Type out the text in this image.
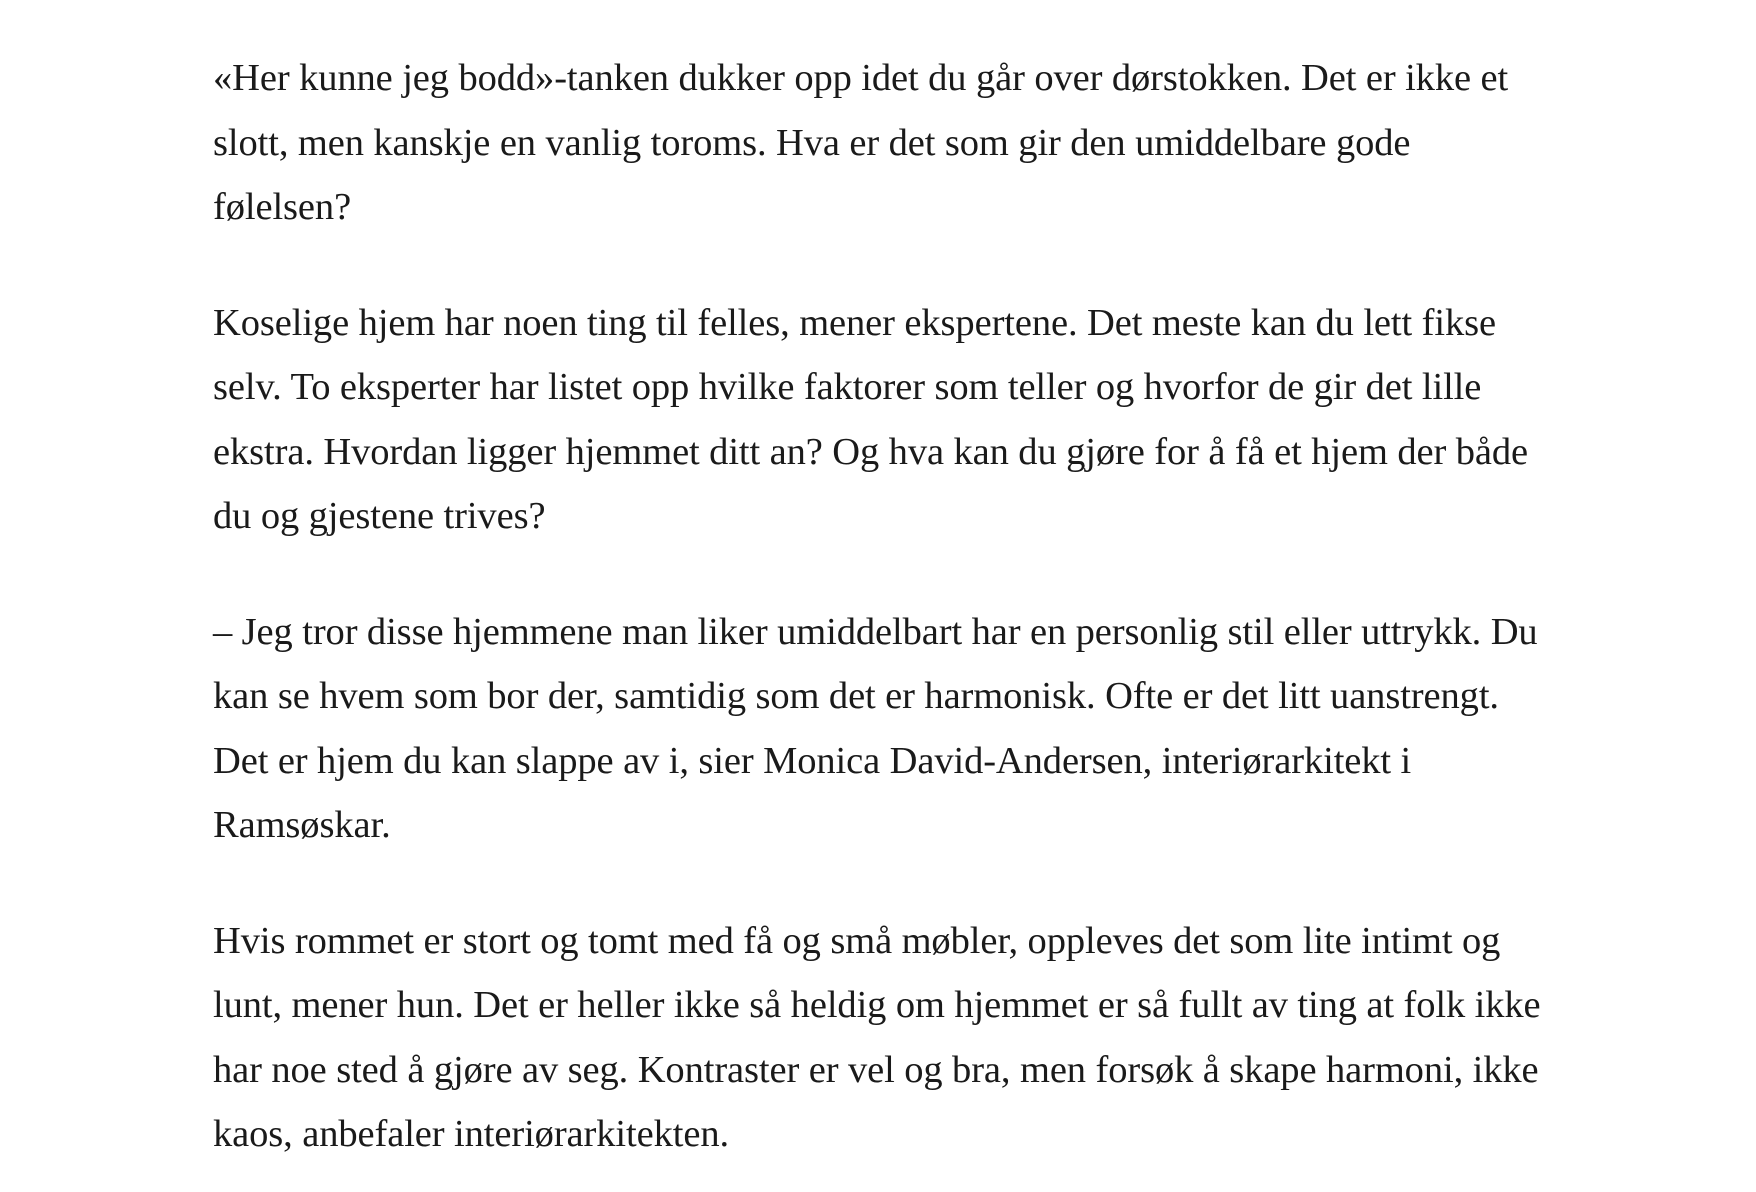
«Her kunne jeg bodd»-tanken dukker opp idet du går over dørstokken. Det er ikke et slott, men kanskje en vanlig toroms. Hva er det som gir den umiddelbare gode følelsen?

Koselige hjem har noen ting til felles, mener ekspertene. Det meste kan du lett fikse selv. To eksperter har listet opp hvilke faktorer som teller og hvorfor de gir det lille ekstra. Hvordan ligger hjemmet ditt an? Og hva kan du gjøre for å få et hjem der både du og gjestene trives?

– Jeg tror disse hjemmene man liker umiddelbart har en personlig stil eller uttrykk. Du kan se hvem som bor der, samtidig som det er harmonisk. Ofte er det litt uanstrengt. Det er hjem du kan slappe av i, sier Monica David-Andersen, interiørarkitekt i Ramsøskar.

Hvis rommet er stort og tomt med få og små møbler, oppleves det som lite intimt og lunt, mener hun. Det er heller ikke så heldig om hjemmet er så fullt av ting at folk ikke har noe sted å gjøre av seg. Kontraster er vel og bra, men forsøk å skape harmoni, ikke kaos, anbefaler interiørarkitekten.
